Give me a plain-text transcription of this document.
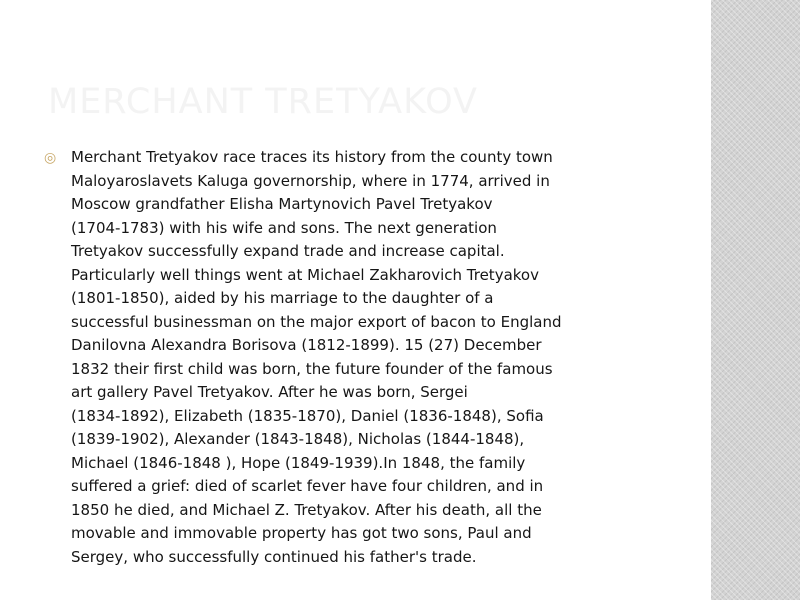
MERCHANT TRETYAKOV
◎ Merchant Tretyakov race traces its history from the county town
Maloyaroslavets Kaluga governorship, where in 1774, arrived in
Moscow grandfather Elisha Martynovich Pavel Tretyakov
(1704-1783) with his wife and sons. The next generation
Tretyakov successfully expand trade and increase capital.
Particularly well things went at Michael Zakharovich Tretyakov
(1801-1850), aided by his marriage to the daughter of a
successful businessman on the major export of bacon to England
Danilovna Alexandra Borisova (1812-1899). 15 (27) December
1832 their first child was born, the future founder of the famous
art gallery Pavel Tretyakov. After he was born, Sergei
(1834-1892), Elizabeth (1835-1870), Daniel (1836-1848), Sofia
(1839-1902), Alexander (1843-1848), Nicholas (1844-1848),
Michael (1846-1848 ), Hope (1849-1939).In 1848, the family
suffered a grief: died of scarlet fever have four children, and in
1850 he died, and Michael Z. Tretyakov. After his death, all the
movable and immovable property has got two sons, Paul and
Sergey, who successfully continued his father's trade.
